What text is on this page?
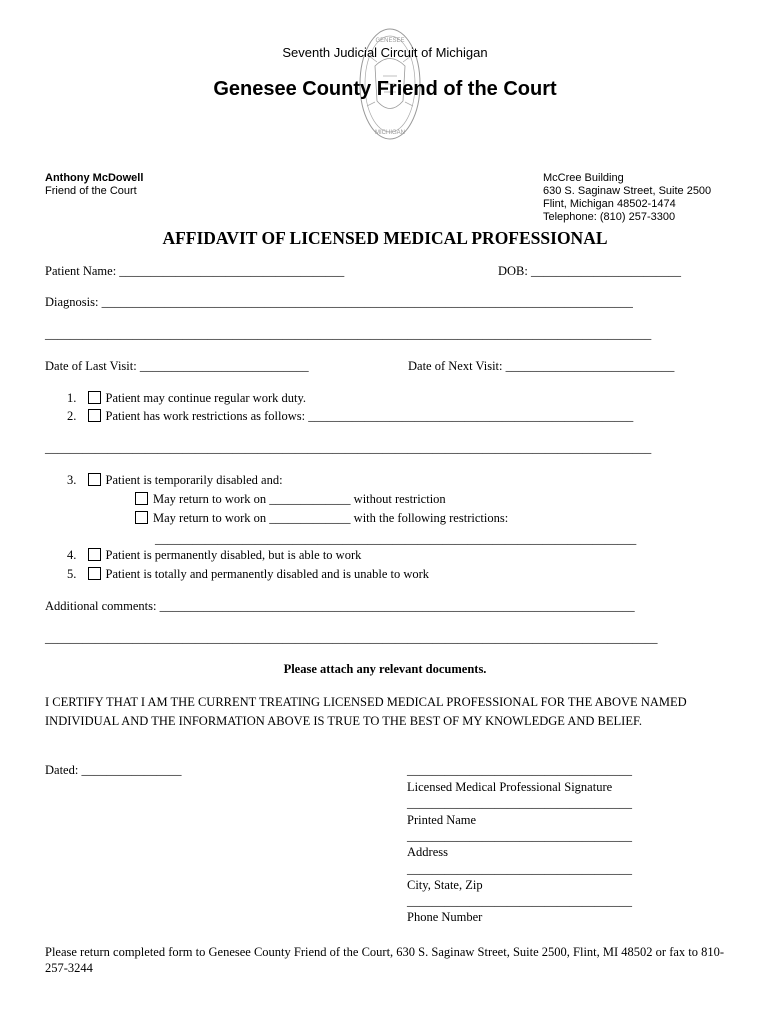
GENESEE
MICHIGAN
Seventh Judicial Circuit of Michigan
Genesee County Friend of the Court
Anthony McDowell
Friend of the Court
McCree Building
630 S. Saginaw Street, Suite 2500
Flint, Michigan 48502-1474
Telephone: (810) 257-3300
AFFIDAVIT OF LICENSED MEDICAL PROFESSIONAL
Patient Name: ____________________________________	DOB: ________________________
Diagnosis: _____________________________________________________________________________________
_________________________________________________________________________________________________
Date of Last Visit: ___________________________	Date of Next Visit: ___________________________
1. Patient may continue regular work duty.
2. Patient has work restrictions as follows: ____________________________________________________
_________________________________________________________________________________________________
3. Patient is temporarily disabled and:
May return to work on _____________ without restriction
May return to work on _____________ with the following restrictions:
_____________________________________________________________________________
4. Patient is permanently disabled, but is able to work
5. Patient is totally and permanently disabled and is unable to work
Additional comments: ____________________________________________________________________________
__________________________________________________________________________________________________
Please attach any relevant documents.
I CERTIFY THAT I AM THE CURRENT TREATING LICENSED MEDICAL PROFESSIONAL FOR THE ABOVE NAMED INDIVIDUAL AND THE INFORMATION ABOVE IS TRUE TO THE BEST OF MY KNOWLEDGE AND BELIEF.
Dated: ________________	____________________________________
Licensed Medical Professional Signature
____________________________________
Printed Name
____________________________________
Address
____________________________________
City, State, Zip
____________________________________
Phone Number
Please return completed form to Genesee County Friend of the Court, 630 S. Saginaw Street, Suite 2500, Flint, MI 48502 or fax to 810-257-3244
